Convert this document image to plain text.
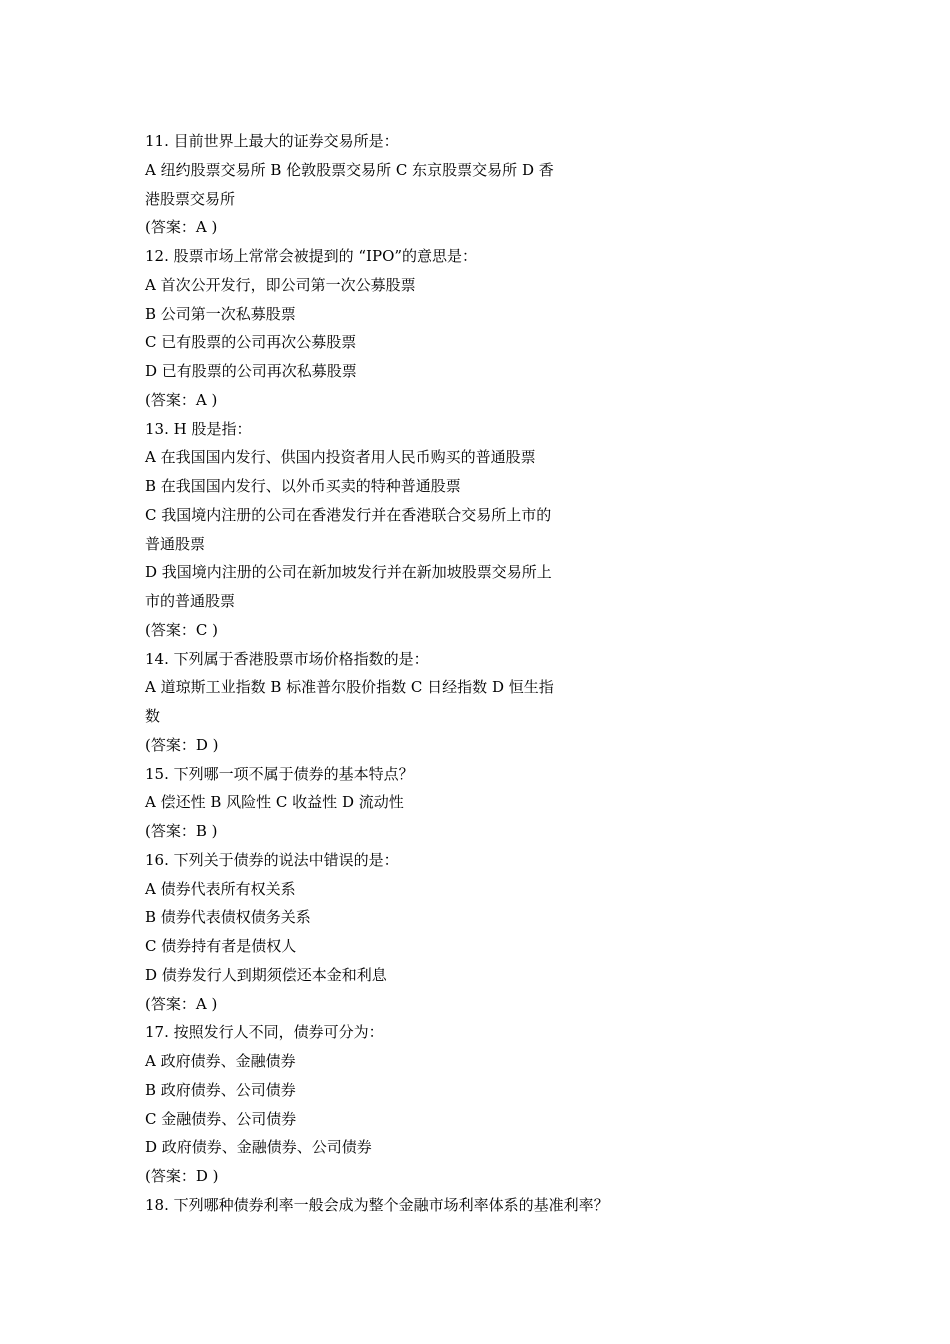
11. 目前世界上最大的证券交易所是：
A 纽约股票交易所 B 伦敦股票交易所 C 东京股票交易所 D 香
港股票交易所
(答案：A )
12. 股票市场上常常会被提到的 “IPO”的意思是：
A 首次公开发行，即公司第一次公募股票
B 公司第一次私募股票
C 已有股票的公司再次公募股票
D 已有股票的公司再次私募股票
(答案：A )
13. H 股是指：
A 在我国国内发行、供国内投资者用人民币购买的普通股票
B 在我国国内发行、以外币买卖的特种普通股票
C 我国境内注册的公司在香港发行并在香港联合交易所上市的
普通股票
D 我国境内注册的公司在新加坡发行并在新加坡股票交易所上
市的普通股票
(答案：C )
14. 下列属于香港股票市场价格指数的是：
A 道琼斯工业指数 B 标准普尔股价指数 C 日经指数 D 恒生指
数
(答案：D )
15. 下列哪一项不属于债券的基本特点？
A 偿还性 B 风险性 C 收益性 D 流动性
(答案：B )
16. 下列关于债券的说法中错误的是：
A 债券代表所有权关系
B 债券代表债权债务关系
C 债券持有者是债权人
D 债券发行人到期须偿还本金和利息
(答案：A )
17. 按照发行人不同，债券可分为：
A 政府债券、金融债券
B 政府债券、公司债券
C 金融债券、公司债券
D 政府债券、金融债券、公司债券
(答案：D )
18. 下列哪种债券利率一般会成为整个金融市场利率体系的基准利率？
